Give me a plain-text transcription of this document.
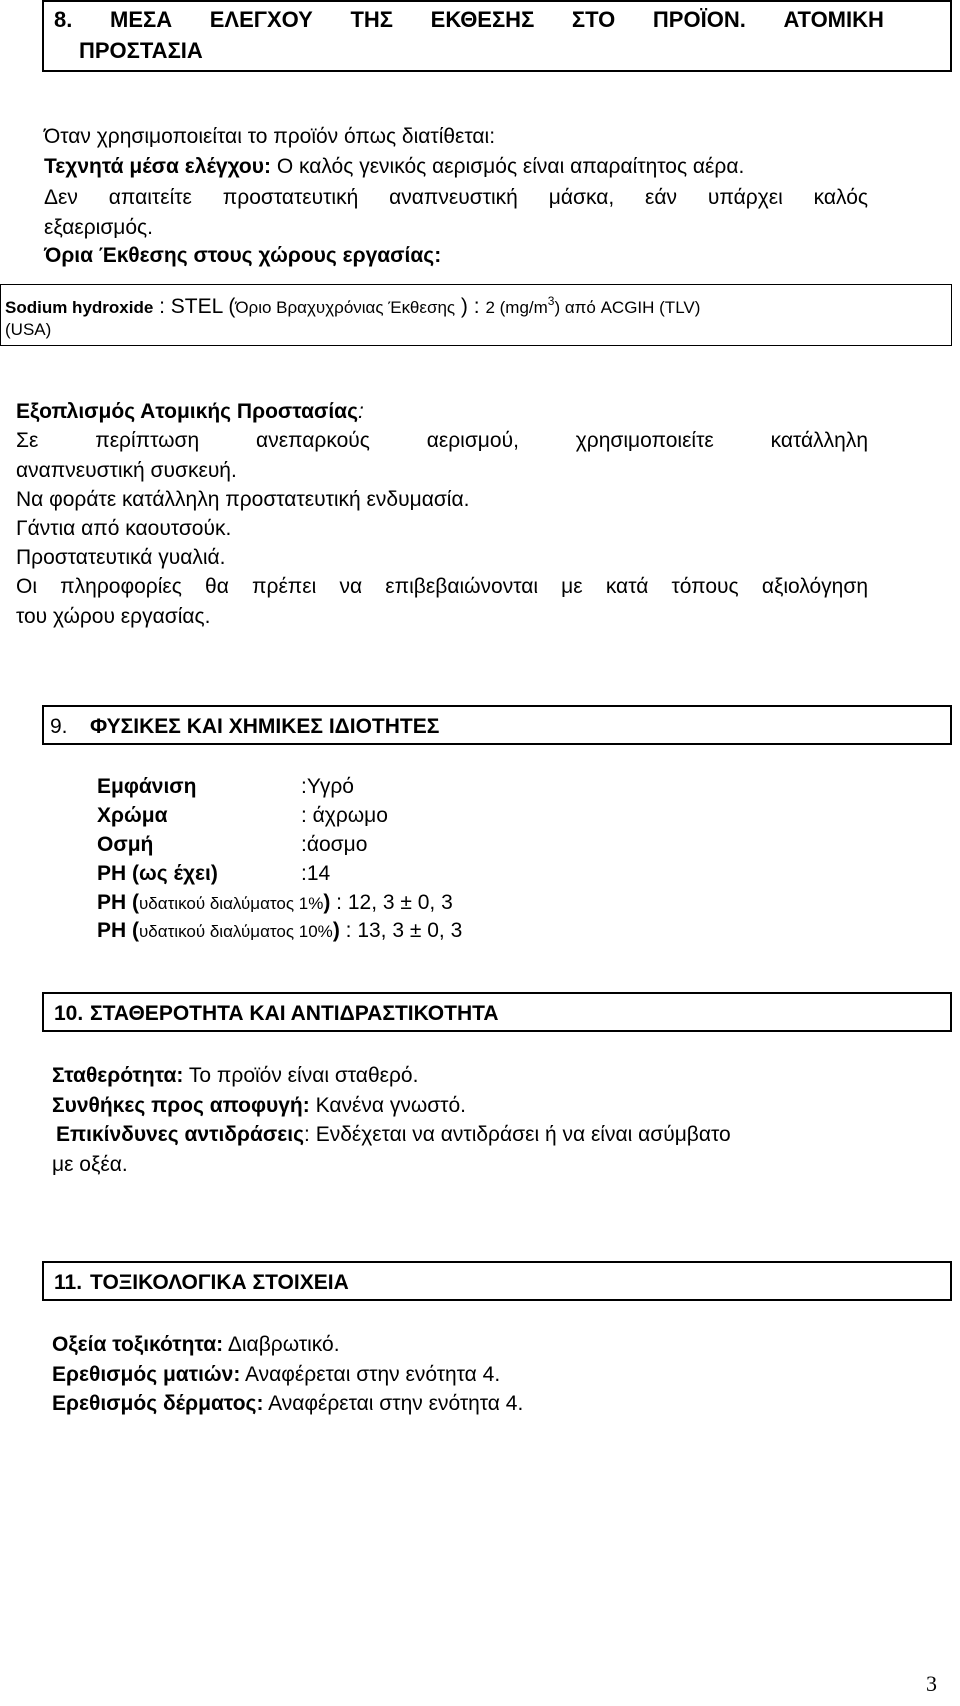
8. ΜΕΣΑ ΕΛΕΓΧΟΥ ΤΗΣ ΕΚΘΕΣΗΣ ΣΤΟ ΠΡΟΪΟΝ. ΑΤΟΜΙΚΗ
ΠΡΟΣΤΑΣΙΑ
Όταν χρησιμοποιείται το προϊόν όπως διατίθεται:
Τεχνητά μέσα ελέγχου: Ο καλός γενικός αερισμός είναι απαραίτητος αέρα.
Δεν απαιτείτε προστατευτική αναπνευστική μάσκα, εάν υπάρχει καλός
εξαερισμός.
Όρια Έκθεσης στους χώρους εργασίας:
Sodium hydroxide : STEL (Όριο Βραχυχρόνιας Έκθεσης ) : 2 $(mg/m^3)$ από ACGIH (TLV)
(USA)
Εξοπλισμός Ατομικής Προστασίας:
Σε περίπτωση ανεπαρκούς αερισμού, χρησιμοποιείτε κατάλληλη
αναπνευστική συσκευή.
Να φοράτε κατάλληλη προστατευτική ενδυμασία.
Γάντια από καουτσούκ.
Προστατευτικά γυαλιά.
Οι πληροφορίες θα πρέπει να επιβεβαιώνονται με κατά τόπους αξιολόγηση
του χώρου εργασίας.
9. ΦΥΣΙΚΕΣ ΚΑΙ ΧΗΜΙΚΕΣ ΙΔΙΟΤΗΤΕΣ
Εμφάνιση	:Υγρό
Χρώμα	: άχρωμο
Οσμή	:άοσμο
PH (ως έχει)	:14
PH (υδατικού διαλύματος 1%) : 12, 3 ± 0, 3
PH (υδατικού διαλύματος 10%) : 13, 3 ± 0, 3
10. ΣΤΑΘΕΡΟΤΗΤΑ ΚΑΙ ΑΝΤΙΔΡΑΣΤΙΚΟΤΗΤΑ
Σταθερότητα: Το προϊόν είναι σταθερό.
Συνθήκες προς αποφυγή: Κανένα γνωστό.
Επικίνδυνες αντιδράσεις: Ενδέχεται να αντιδράσει ή να είναι ασύμβατο
με οξέα.
11. ΤΟΞΙΚΟΛΟΓΙΚΑ ΣΤΟΙΧΕΙΑ
Οξεία τοξικότητα: Διαβρωτικό.
Ερεθισμός ματιών: Αναφέρεται στην ενότητα 4.
Ερεθισμός δέρματος: Αναφέρεται στην ενότητα 4.
3
